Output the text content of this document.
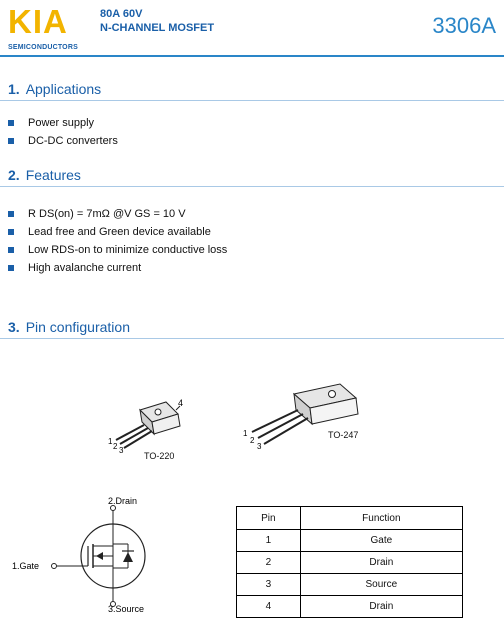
KIA
SEMICONDUCTORS
80A 60V
N-CHANNEL MOSFET	3306A
1. Applications
Power supply
DC-DC converters
2. Features
R DS(on) = 7mΩ @V GS = 10 V
Lead free and Green device available
Low RDS-on to minimize conductive loss
High avalanche current
3. Pin configuration
4
1
2 3
TO-220
1
2
3
TO-247
2.Drain
1.Gate
3.Source
Pin	Function
1	Gate
2	Drain
3	Source
4	Drain
